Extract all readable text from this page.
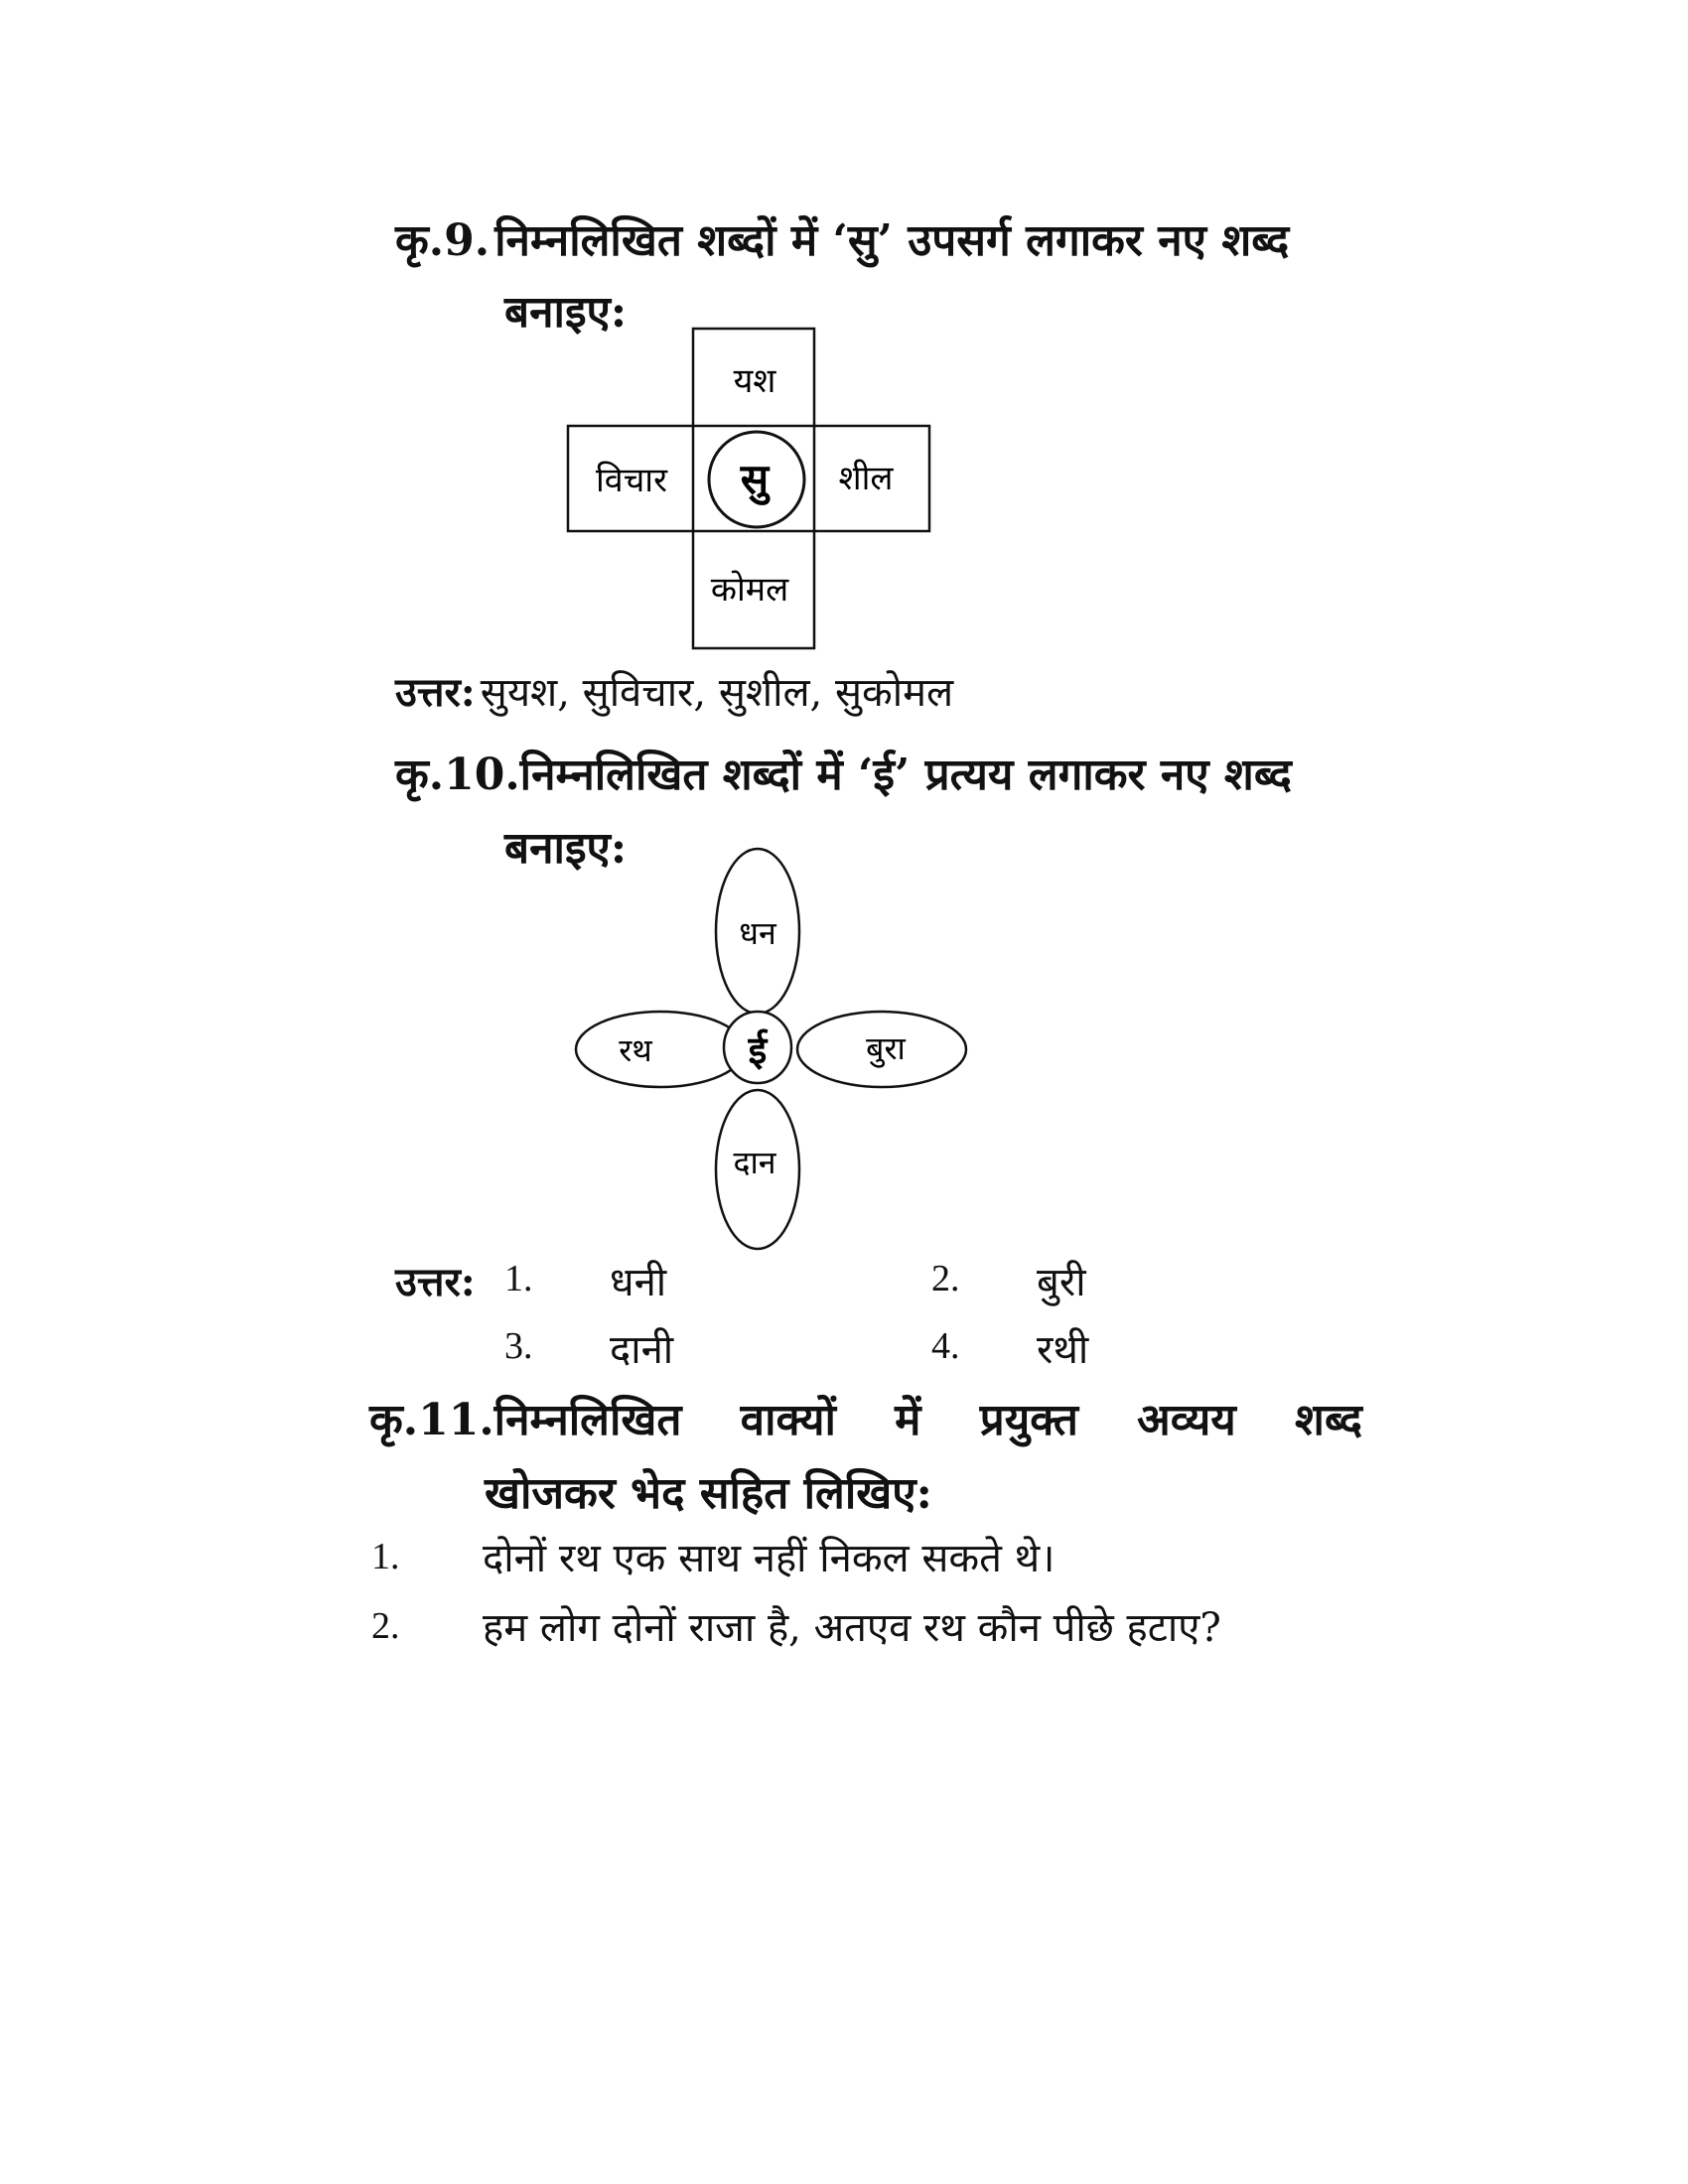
कृ.9. निम्नलिखित शब्दों में ‘सु’ उपसर्ग लगाकर नए शब्द
बनाइए:
सु
यश
विचार	शील
कोमल
उत्तर: सुयश, सुविचार, सुशील, सुकोमल
कृ.10.निम्नलिखित शब्दों में ‘ई’ प्रत्यय लगाकर नए शब्द
बनाइए:
ई
धन
रथ	बुरा
दान
उत्तर: 1. धनी	2. बुरी
3. दानी	4. रथी
कृ.11.निम्नलिखित वाक्यों में प्रयुक्त अव्यय शब्द
खोजकर भेद सहित लिखिए:
1. दोनों रथ एक साथ नहीं निकल सकते थे।
2. हम लोग दोनों राजा है, अतएव रथ कौन पीछे हटाए?
